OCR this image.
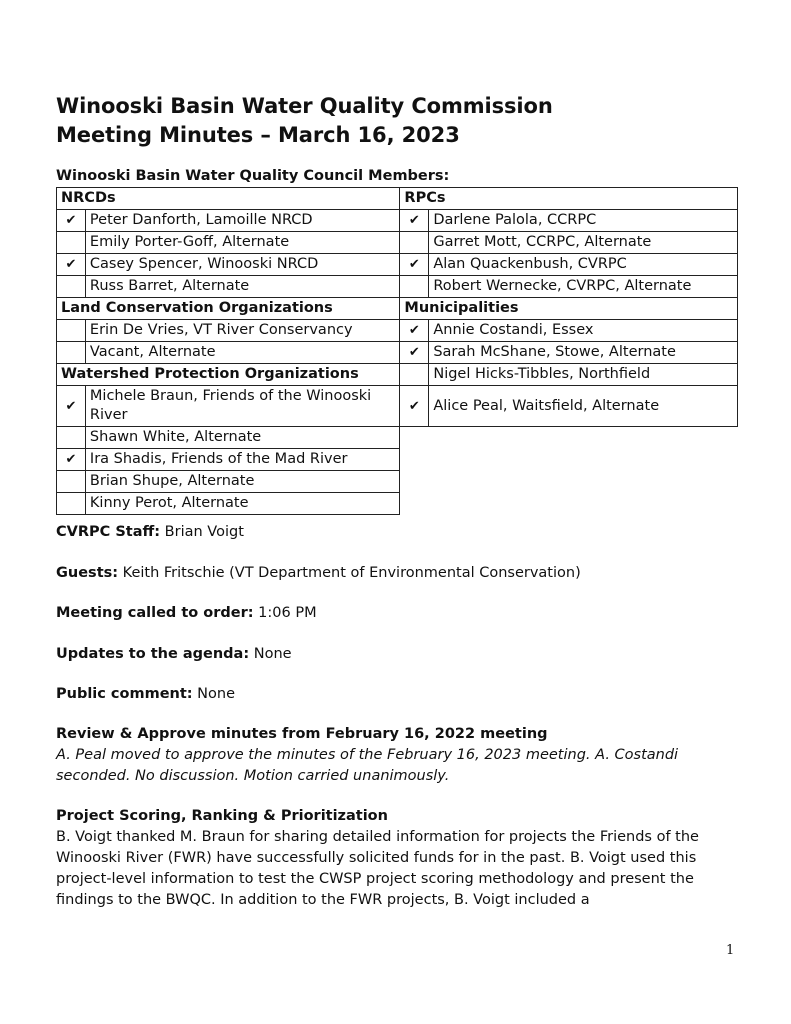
Winooski Basin Water Quality Commission
Meeting Minutes – March 16, 2023
Winooski Basin Water Quality Council Members:
NRCDs		RPCs	
✔	Peter Danforth, Lamoille NRCD	✔	Darlene Palola, CCRPC
	Emily Porter-Goff, Alternate		Garret Mott, CCRPC, Alternate
✔	Casey Spencer, Winooski NRCD	✔	Alan Quackenbush, CVRPC
	Russ Barret, Alternate		Robert Wernecke, CVRPC, Alternate
Land Conservation Organizations		Municipalities	
	Erin De Vries, VT River Conservancy	✔	Annie Costandi, Essex
	Vacant, Alternate	✔	Sarah McShane, Stowe, Alternate
Watershed Protection Organizations			Nigel Hicks-Tibbles, Northfield
✔	Michele Braun, Friends of the Winooski River	✔	Alice Peal, Waitsfield, Alternate
	Shawn White, Alternate		
✔	Ira Shadis, Friends of the Mad River		
	Brian Shupe, Alternate		
	Kinny Perot, Alternate		
CVRPC Staff: Brian Voigt
Guests: Keith Fritschie (VT Department of Environmental Conservation)
Meeting called to order: 1:06 PM
Updates to the agenda: None
Public comment: None
Review & Approve minutes from February 16, 2022 meeting
A. Peal moved to approve the minutes of the February 16, 2023 meeting. A. Costandi seconded. No discussion. Motion carried unanimously.
Project Scoring, Ranking & Prioritization
B. Voigt thanked M. Braun for sharing detailed information for projects the Friends of the Winooski River (FWR) have successfully solicited funds for in the past. B. Voigt used this project-level information to test the CWSP project scoring methodology and present the findings to the BWQC. In addition to the FWR projects, B. Voigt included a
1
